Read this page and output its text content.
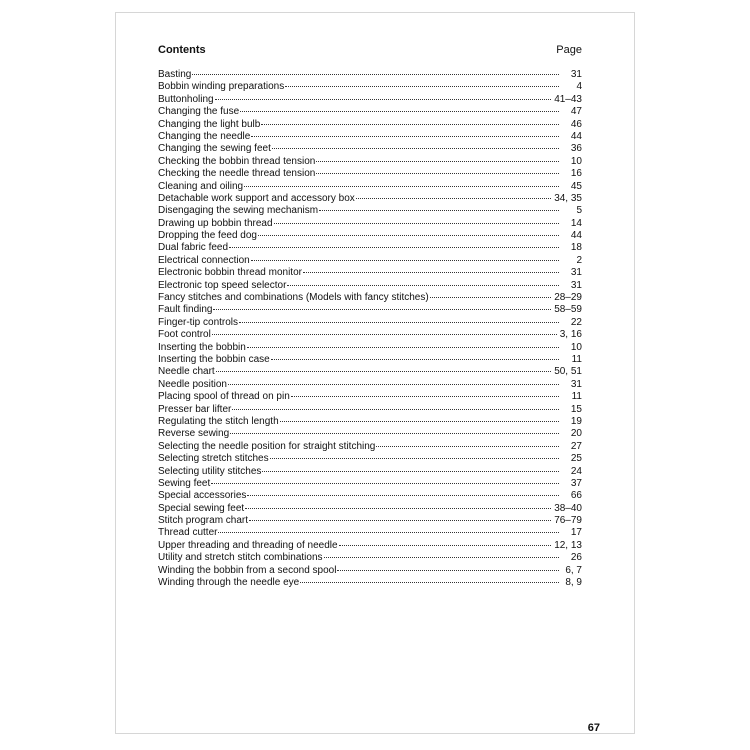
Contents	Page
Basting	31
Bobbin winding preparations	4
Buttonholing	41–43
Changing the fuse	47
Changing the light bulb	46
Changing the needle	44
Changing the sewing feet	36
Checking the bobbin thread tension	10
Checking the needle thread tension	16
Cleaning and oiling	45
Detachable work support and accessory box	34, 35
Disengaging the sewing mechanism	5
Drawing up bobbin thread	14
Dropping the feed dog	44
Dual fabric feed	18
Electrical connection	2
Electronic bobbin thread monitor	31
Electronic top speed selector	31
Fancy stitches and combinations (Models with fancy stitches)	28–29
Fault finding	58–59
Finger-tip controls	22
Foot control	3, 16
Inserting the bobbin	10
Inserting the bobbin case	11
Needle chart	50, 51
Needle position	31
Placing spool of thread on pin	11
Presser bar lifter	15
Regulating the stitch length	19
Reverse sewing	20
Selecting the needle position for straight stitching	27
Selecting stretch stitches	25
Selecting utility stitches	24
Sewing feet	37
Special accessories	66
Special sewing feet	38–40
Stitch program chart	76–79
Thread cutter	17
Upper threading and threading of needle	12, 13
Utility and stretch stitch combinations	26
Winding the bobbin from a second spool	6, 7
Winding through the needle eye	8, 9
67
